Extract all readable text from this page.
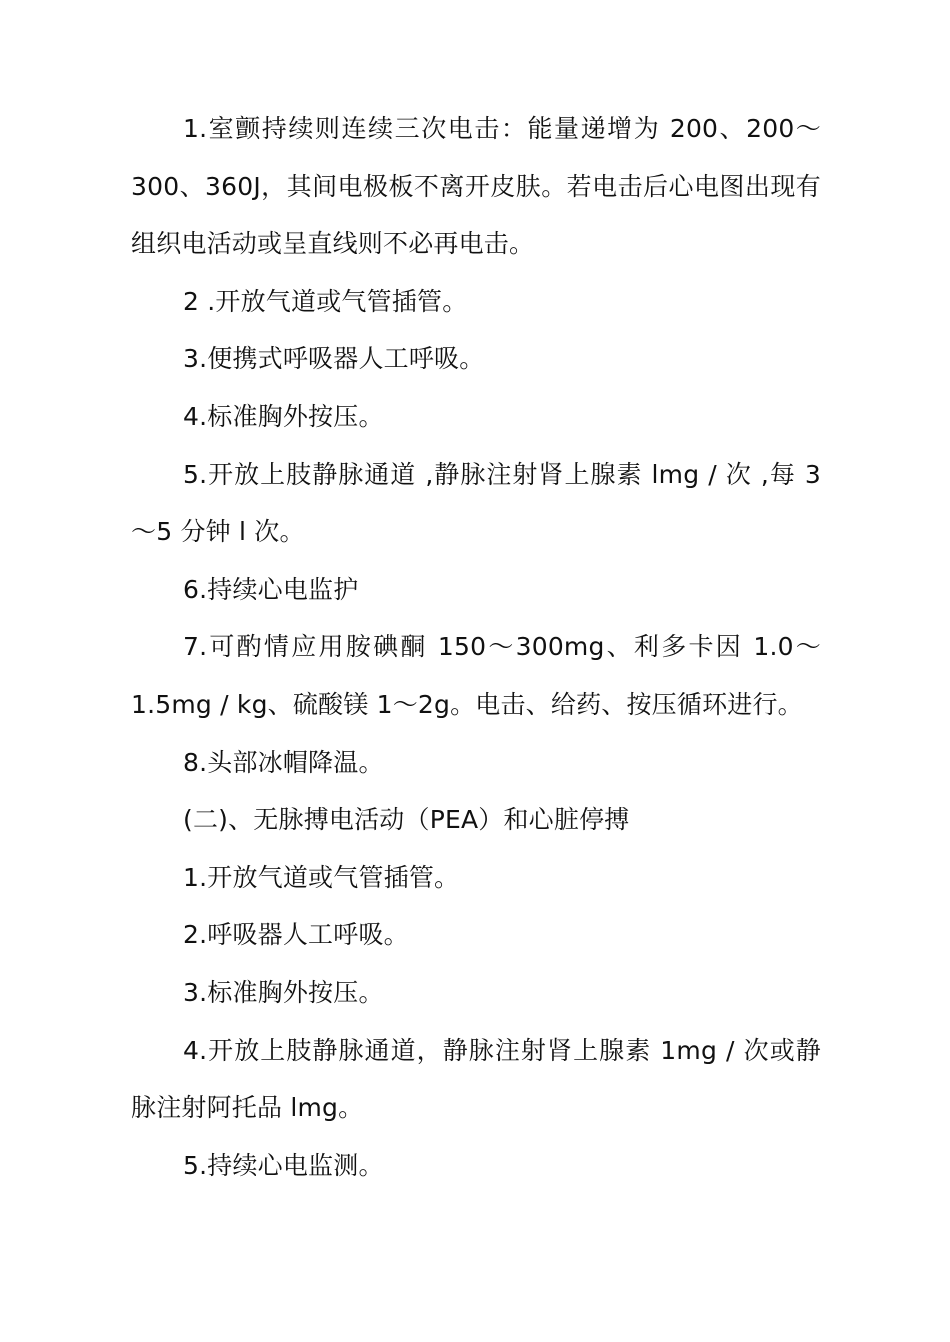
1.室颤持续则连续三次电击：能量递增为 200、200～300、360J，其间电极板不离开皮肤。若电击后心电图出现有组织电活动或呈直线则不必再电击。

2 .开放气道或气管插管。

3.便携式呼吸器人工呼吸。

4.标准胸外按压。

5.开放上肢静脉通道 ,静脉注射肾上腺素 lmg / 次 ,每 3～5 分钟 l 次。

6.持续心电监护

7.可酌情应用胺碘酮 150～300mg、利多卡因 1.0～1.5mg / kg、硫酸镁 1～2g。电击、给药、按压循环进行。

8.头部冰帽降温。

(二)、无脉搏电活动（PEA）和心脏停搏

1.开放气道或气管插管。

2.呼吸器人工呼吸。

3.标准胸外按压。

4.开放上肢静脉通道，静脉注射肾上腺素 1mg / 次或静脉注射阿托品 lmg。

5.持续心电监测。
